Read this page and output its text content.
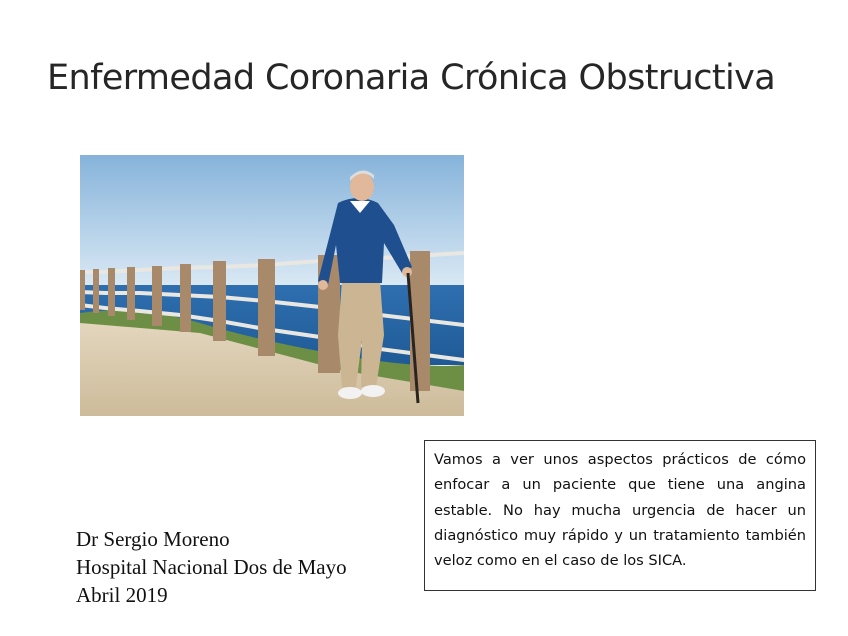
Enfermedad Coronaria Crónica Obstructiva
Dr Sergio Moreno
Hospital Nacional Dos de Mayo
Abril 2019
Vamos a ver unos aspectos prácticos de cómo enfocar a un paciente que tiene una angina estable. No hay mucha urgencia de hacer un diagnóstico muy rápido y un tratamiento también veloz como en el caso de los SICA.
